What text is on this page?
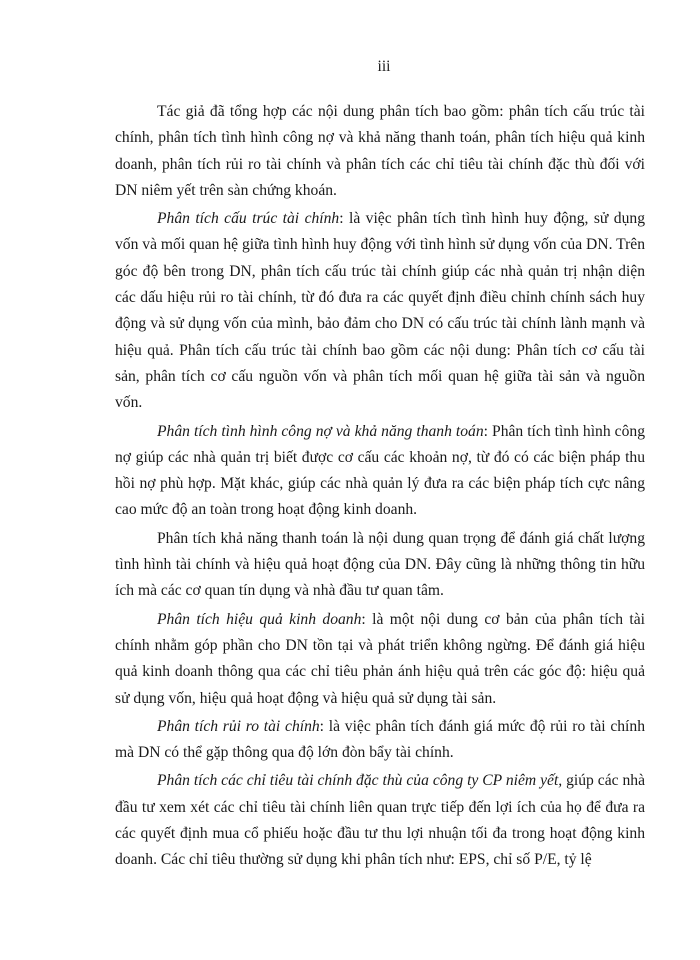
iii

Tác giả đã tổng hợp các nội dung phân tích bao gồm: phân tích cấu trúc tài chính, phân tích tình hình công nợ và khả năng thanh toán, phân tích hiệu quả kinh doanh, phân tích rủi ro tài chính và phân tích các chỉ tiêu tài chính đặc thù đối với DN niêm yết trên sàn chứng khoán.

Phân tích cấu trúc tài chính: là việc phân tích tình hình huy động, sử dụng vốn và mối quan hệ giữa tình hình huy động với tình hình sử dụng vốn của DN. Trên góc độ bên trong DN, phân tích cấu trúc tài chính giúp các nhà quản trị nhận diện các dấu hiệu rủi ro tài chính, từ đó đưa ra các quyết định điều chỉnh chính sách huy động và sử dụng vốn của mình, bảo đảm cho DN có cấu trúc tài chính lành mạnh và hiệu quả. Phân tích cấu trúc tài chính bao gồm các nội dung: Phân tích cơ cấu tài sản, phân tích cơ cấu nguồn vốn và phân tích mối quan hệ giữa tài sản và nguồn vốn.

Phân tích tình hình công nợ và khả năng thanh toán: Phân tích tình hình công nợ giúp các nhà quản trị biết được cơ cấu các khoản nợ, từ đó có các biện pháp thu hồi nợ phù hợp. Mặt khác, giúp các nhà quản lý đưa ra các biện pháp tích cực nâng cao mức độ an toàn trong hoạt động kinh doanh.

Phân tích khả năng thanh toán là nội dung quan trọng để đánh giá chất lượng tình hình tài chính và hiệu quả hoạt động của DN. Đây cũng là những thông tin hữu ích mà các cơ quan tín dụng và nhà đầu tư quan tâm.

Phân tích hiệu quả kinh doanh: là một nội dung cơ bản của phân tích tài chính nhằm góp phần cho DN tồn tại và phát triển không ngừng. Để đánh giá hiệu quả kinh doanh thông qua các chỉ tiêu phản ánh hiệu quả trên các góc độ: hiệu quả sử dụng vốn, hiệu quả hoạt động và hiệu quả sử dụng tài sản.

Phân tích rủi ro tài chính: là việc phân tích đánh giá mức độ rủi ro tài chính mà DN có thể gặp thông qua độ lớn đòn bẩy tài chính.

Phân tích các chỉ tiêu tài chính đặc thù của công ty CP niêm yết, giúp các nhà đầu tư xem xét các chỉ tiêu tài chính liên quan trực tiếp đến lợi ích của họ để đưa ra các quyết định mua cổ phiếu hoặc đầu tư thu lợi nhuận tối đa trong hoạt động kinh doanh. Các chỉ tiêu thường sử dụng khi phân tích như: EPS, chỉ số P/E, tỷ lệ
